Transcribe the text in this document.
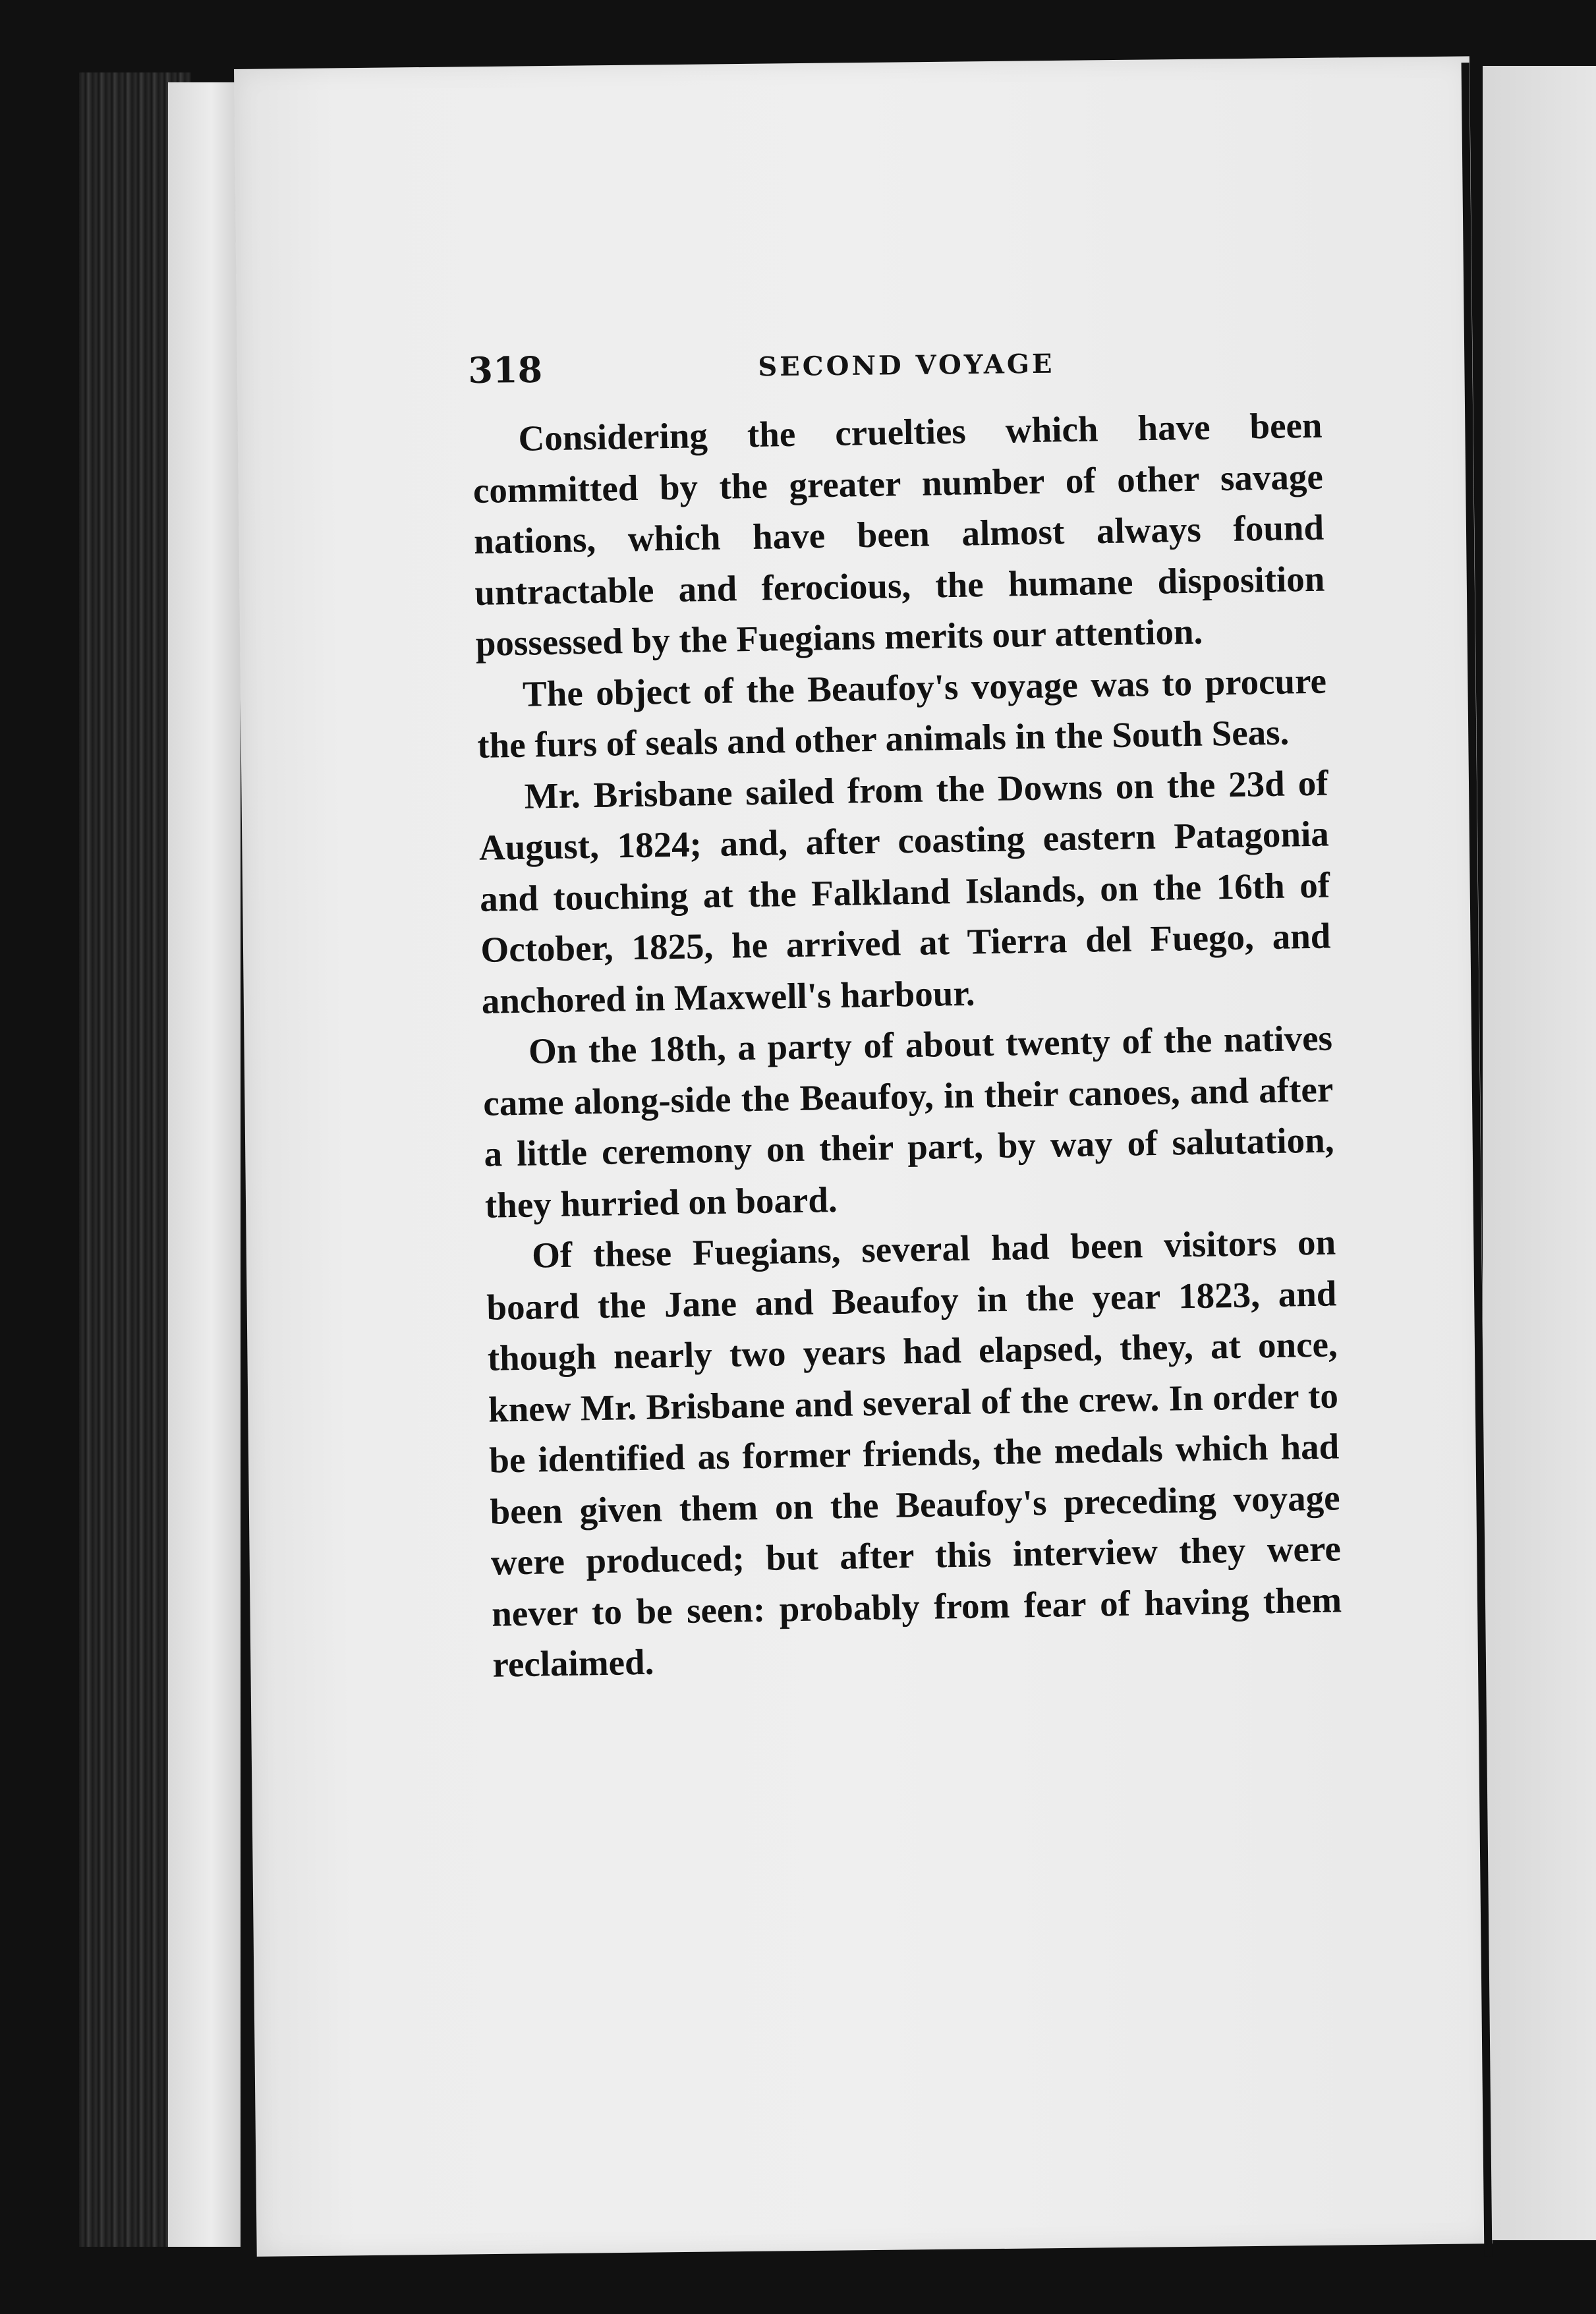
318	SECOND VOYAGE

Considering the cruelties which have been committed by the greater number of other savage nations, which have been almost always found untractable and ferocious, the humane disposition possessed by the Fuegians merits our attention.

The object of the Beaufoy's voyage was to procure the furs of seals and other animals in the South Seas.

Mr. Brisbane sailed from the Downs on the 23d of August, 1824; and, after coasting eastern Patagonia and touching at the Falkland Islands, on the 16th of October, 1825, he arrived at Tierra del Fuego, and anchored in Maxwell's harbour.

On the 18th, a party of about twenty of the natives came along-side the Beaufoy, in their canoes, and after a little ceremony on their part, by way of salutation, they hurried on board.

Of these Fuegians, several had been visitors on board the Jane and Beaufoy in the year 1823, and though nearly two years had elapsed, they, at once, knew Mr. Brisbane and several of the crew. In order to be identified as former friends, the medals which had been given them on the Beaufoy's preceding voyage were produced; but after this interview they were never to be seen: probably from fear of having them reclaimed.
